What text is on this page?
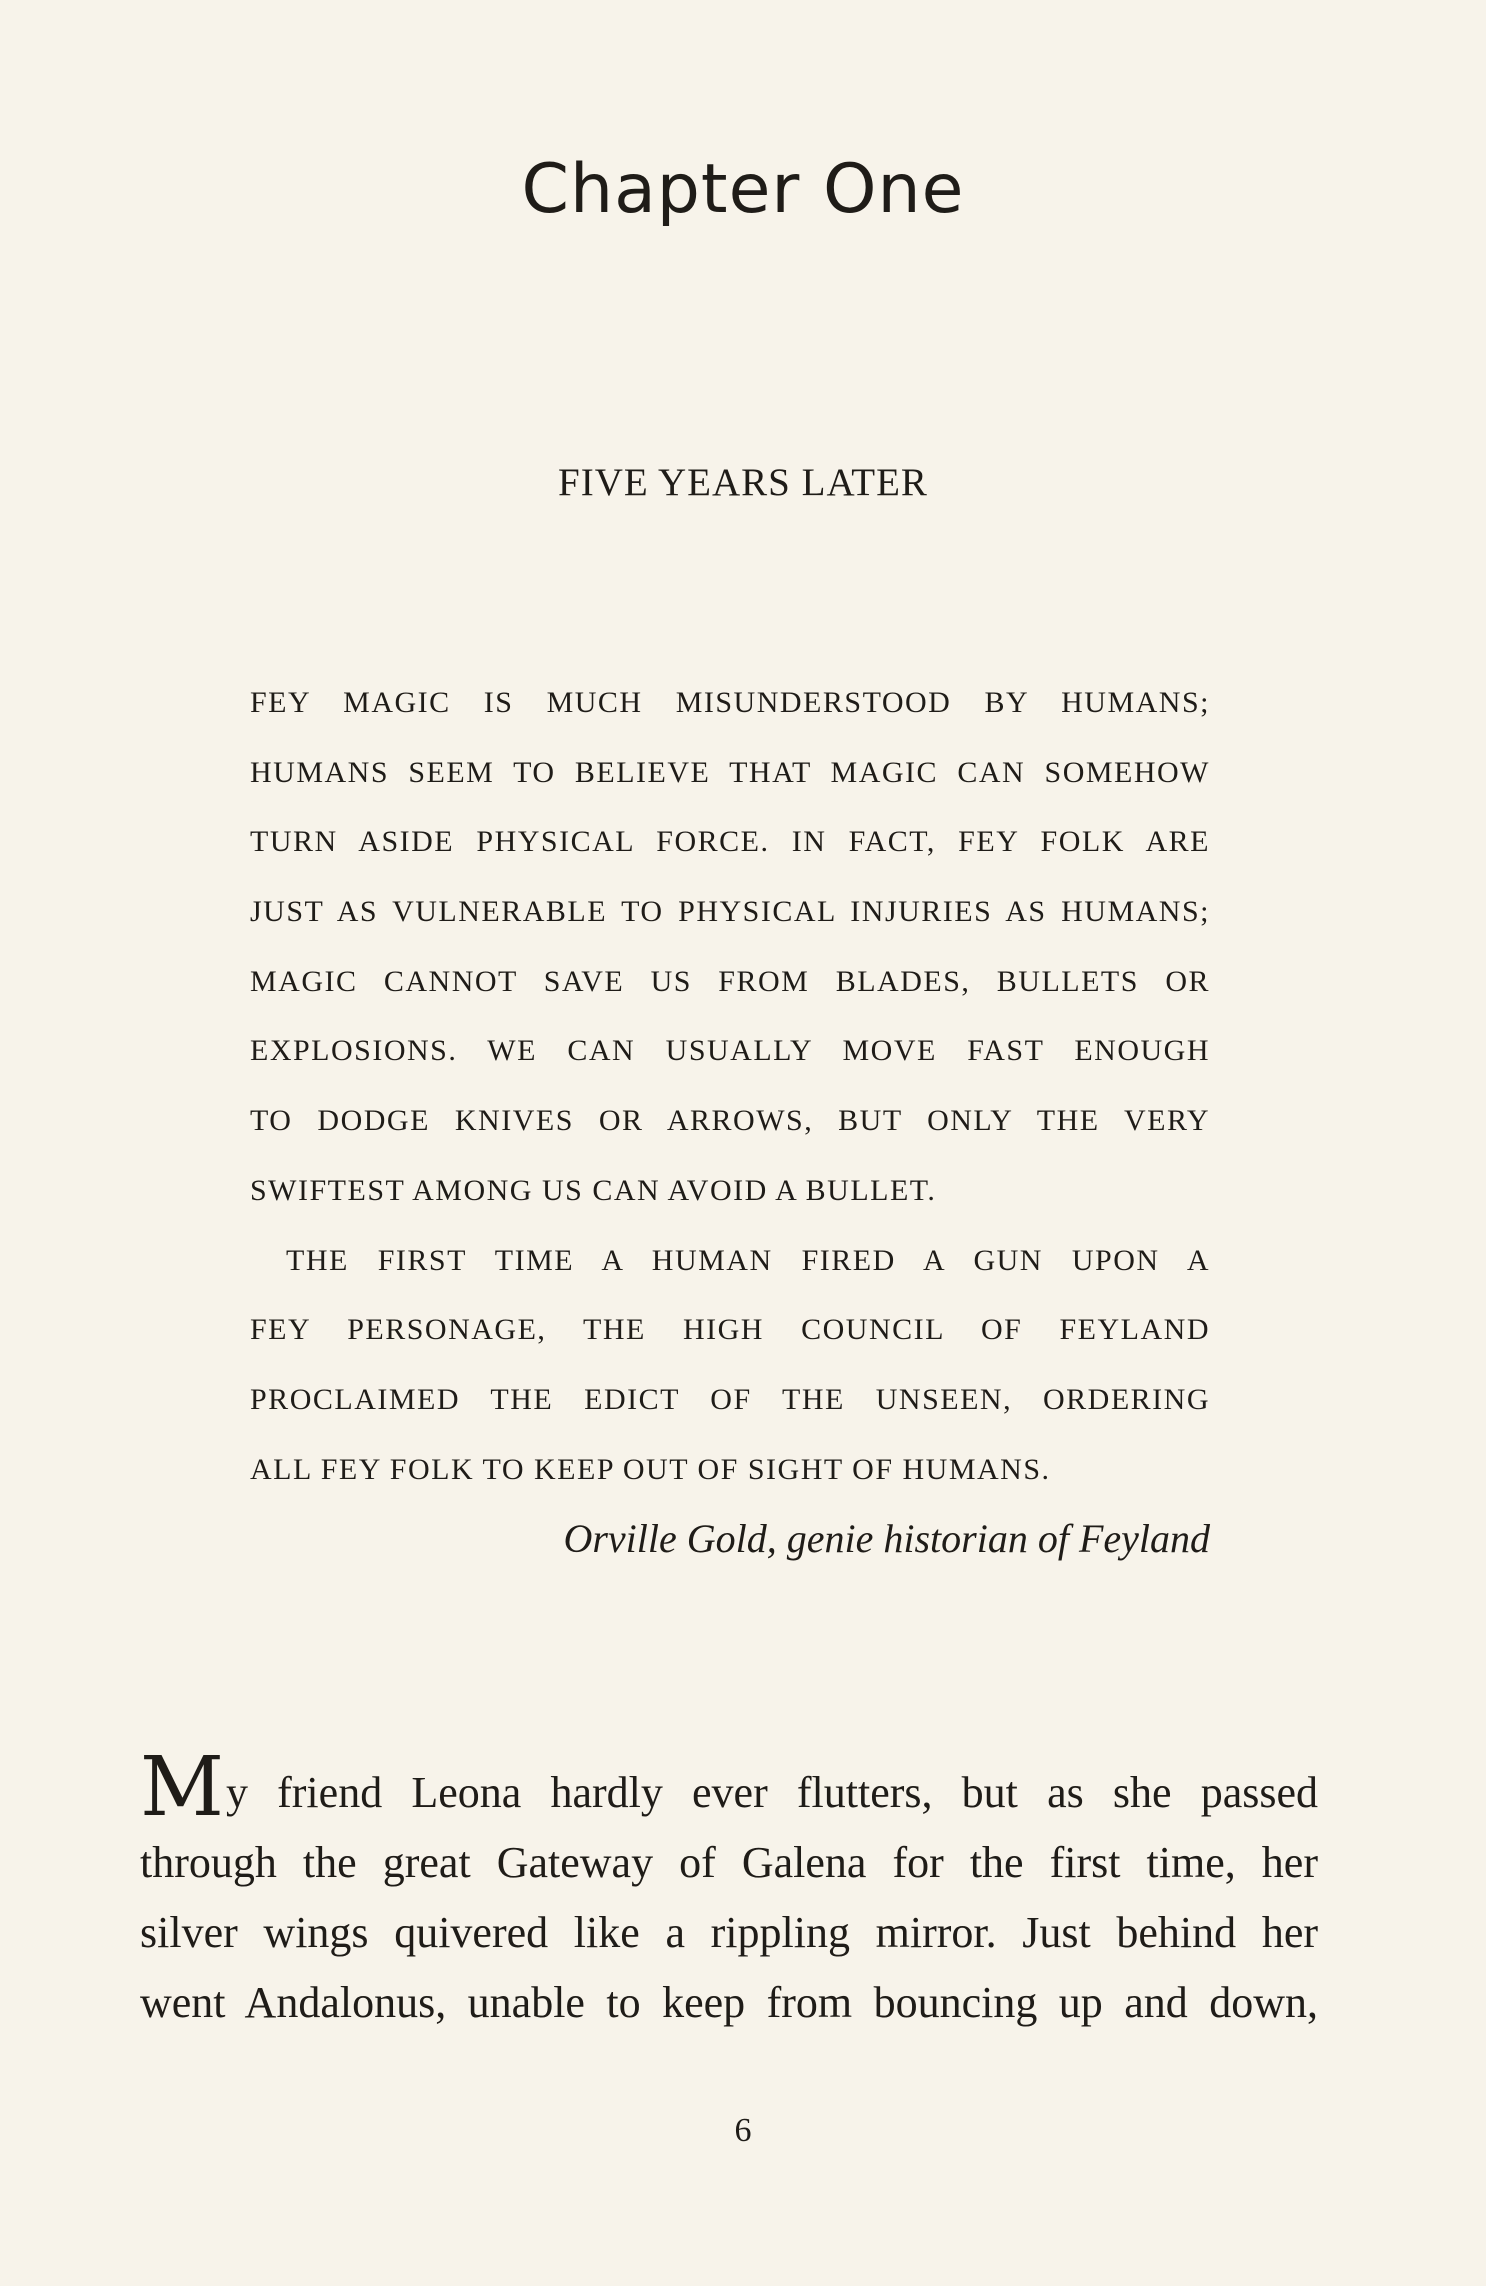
Chapter One
FIVE YEARS LATER
FEY MAGIC IS MUCH MISUNDERSTOOD BY HUMANS;
HUMANS SEEM TO BELIEVE THAT MAGIC CAN SOMEHOW
TURN ASIDE PHYSICAL FORCE. IN FACT, FEY FOLK ARE
JUST AS VULNERABLE TO PHYSICAL INJURIES AS HUMANS;
MAGIC CANNOT SAVE US FROM BLADES, BULLETS OR
EXPLOSIONS. WE CAN USUALLY MOVE FAST ENOUGH
TO DODGE KNIVES OR ARROWS, BUT ONLY THE VERY
SWIFTEST AMONG US CAN AVOID A BULLET.
THE FIRST TIME A HUMAN FIRED A GUN UPON A
FEY PERSONAGE, THE HIGH COUNCIL OF FEYLAND
PROCLAIMED THE EDICT OF THE UNSEEN, ORDERING
ALL FEY FOLK TO KEEP OUT OF SIGHT OF HUMANS.
Orville Gold, genie historian of Feyland
My friend Leona hardly ever flutters, but as she passed
through the great Gateway of Galena for the first time, her
silver wings quivered like a rippling mirror. Just behind her
went Andalonus, unable to keep from bouncing up and down,
6
